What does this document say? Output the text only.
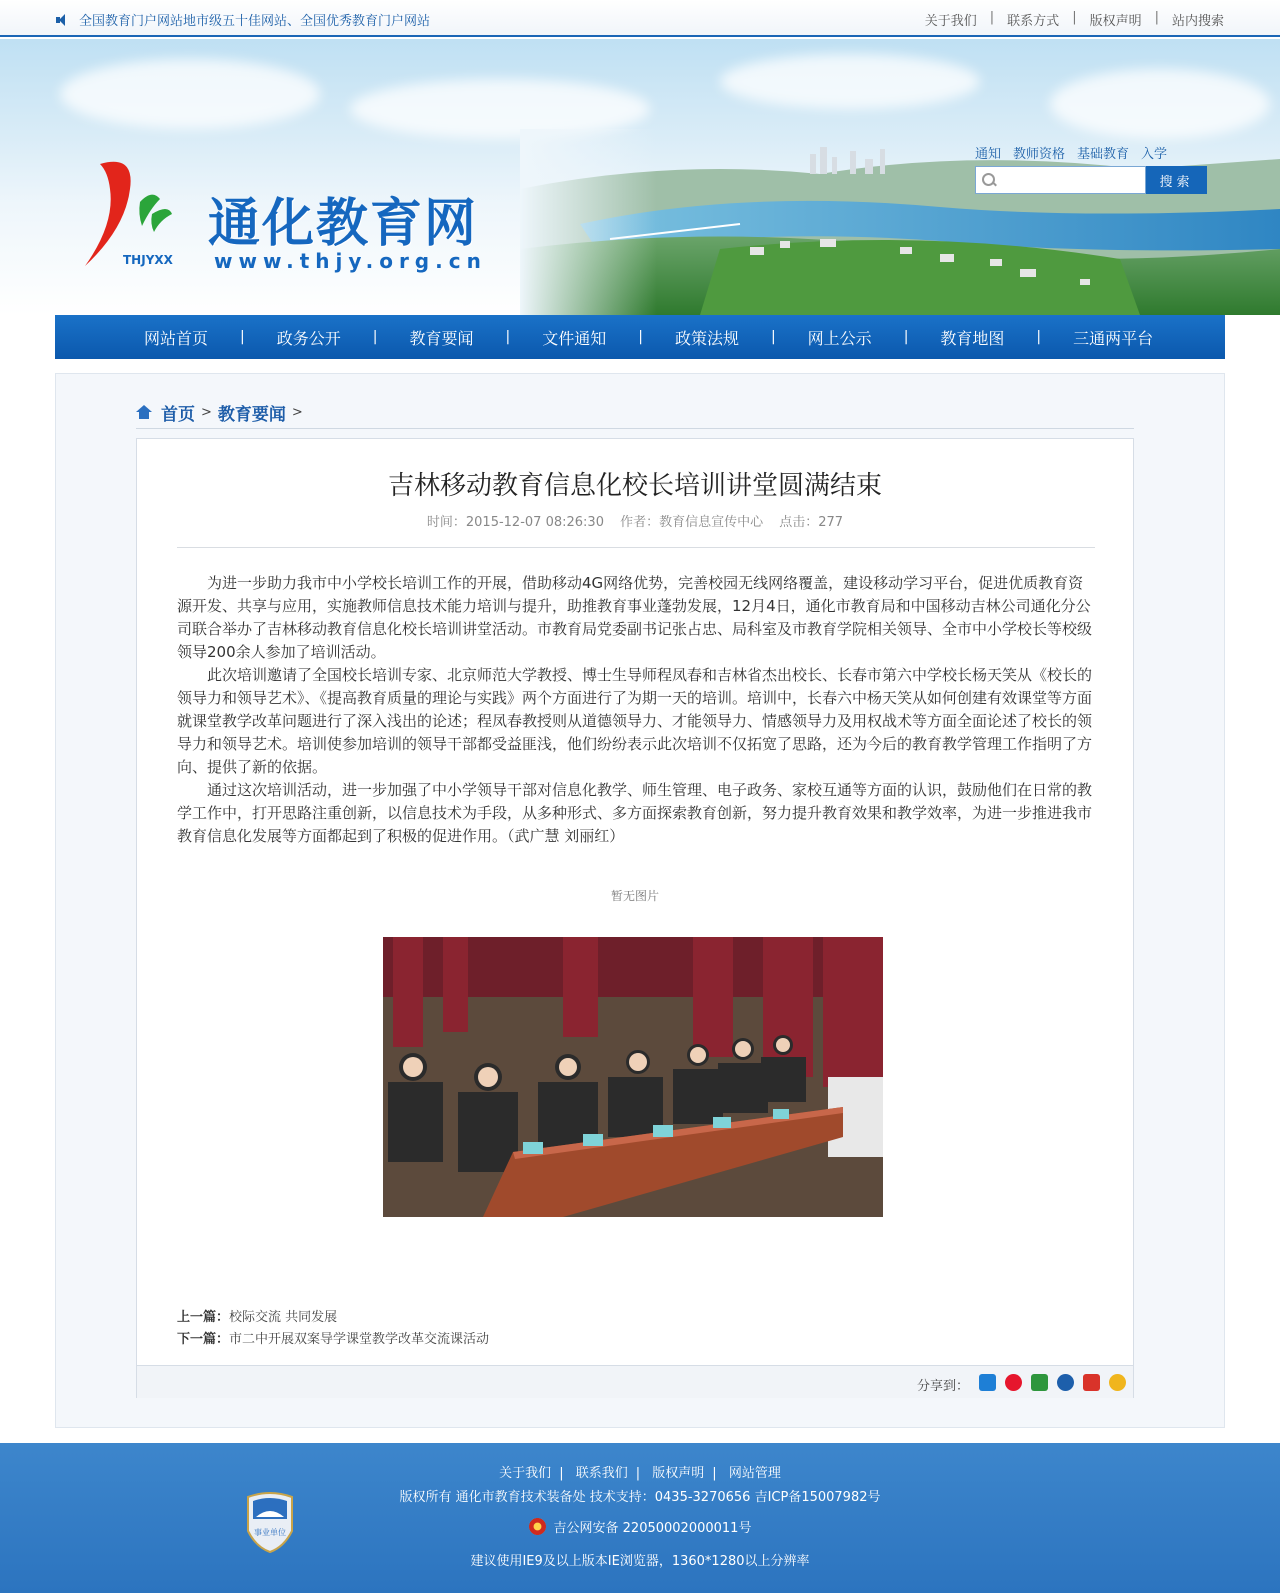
全国教育门户网站地市级五十佳网站、全国优秀教育门户网站	关于我们 | 联系方式 | 版权声明 | 站内搜索
THJYXX
通化教育网
www.thjy.org.cn
通知 教师资格 基础教育 入学
搜索
网站首页	|	政务公开	|	教育要闻	|	文件通知	|	政策法规	|	网上公示	|	教育地图	|	三通两平台
首页 > 教育要闻 >
吉林移动教育信息化校长培训讲堂圆满结束
时间：2015-12-07 08:26:30 作者：教育信息宣传中心 点击：277

为进一步助力我市中小学校长培训工作的开展，借助移动4G网络优势，完善校园无线网络覆盖，建设移动学习平台，促进优质教育资源开发、共享与应用，实施教师信息技术能力培训与提升，助推教育事业蓬勃发展，12月4日，通化市教育局和中国移动吉林公司通化分公司联合举办了吉林移动教育信息化校长培训讲堂活动。市教育局党委副书记张占忠、局科室及市教育学院相关领导、全市中小学校长等校级领导200余人参加了培训活动。

此次培训邀请了全国校长培训专家、北京师范大学教授、博士生导师程凤春和吉林省杰出校长、长春市第六中学校长杨天笑从《校长的领导力和领导艺术》、《提高教育质量的理论与实践》两个方面进行了为期一天的培训。培训中，长春六中杨天笑从如何创建有效课堂等方面就课堂教学改革问题进行了深入浅出的论述；程凤春教授则从道德领导力、才能领导力、情感领导力及用权战术等方面全面论述了校长的领导力和领导艺术。培训使参加培训的领导干部都受益匪浅，他们纷纷表示此次培训不仅拓宽了思路，还为今后的教育教学管理工作指明了方向、提供了新的依据。

通过这次培训活动，进一步加强了中小学领导干部对信息化教学、师生管理、电子政务、家校互通等方面的认识，鼓励他们在日常的教学工作中，打开思路注重创新，以信息技术为手段，从多种形式、多方面探索教育创新，努力提升教育效果和教学效率，为进一步推进我市教育信息化发展等方面都起到了积极的促进作用。（武广慧 刘丽红）

暂无图片
上一篇：校际交流 共同发展
下一篇：市二中开展双案导学课堂教学改革交流课活动
分享到：
事业单位
关于我们 | 联系我们 | 版权声明 | 网站管理
版权所有 通化市教育技术装备处 技术支持：0435-3270656 吉ICP备15007982号
吉公网安备 22050002000011号
建议使用IE9及以上版本IE浏览器，1360*1280以上分辨率
